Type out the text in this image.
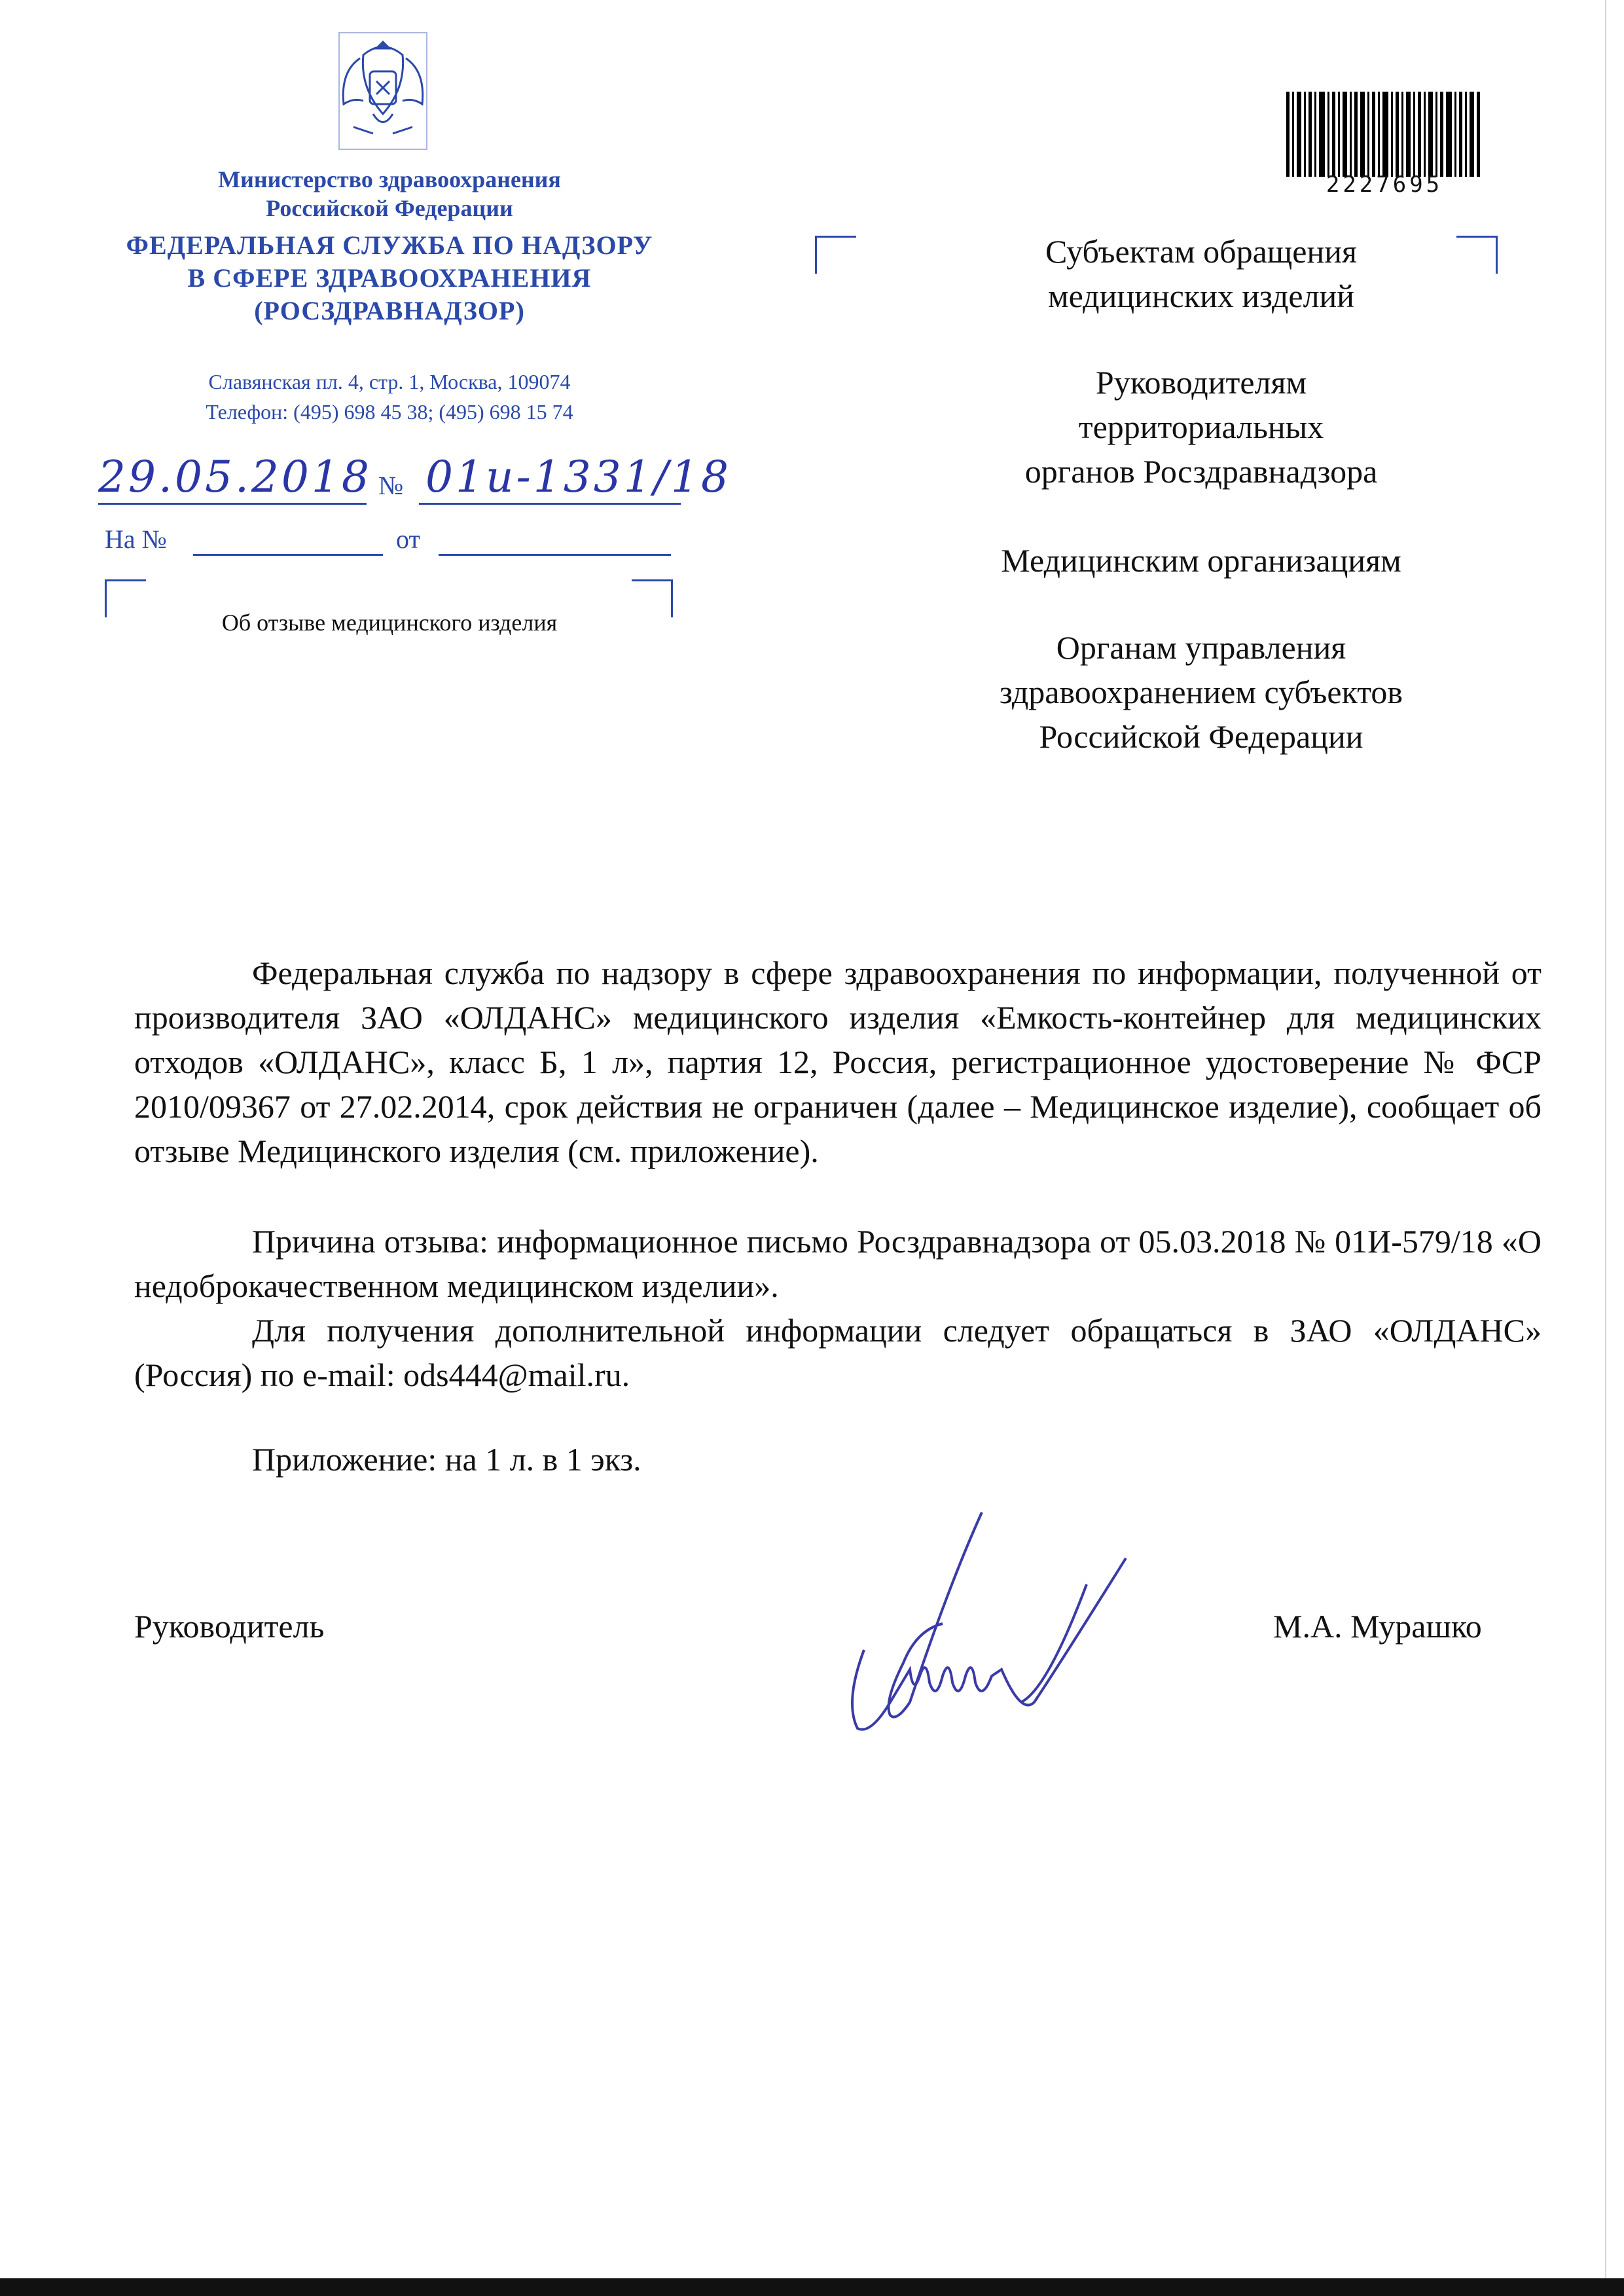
Министерство здравоохранения
Российской Федерации
ФЕДЕРАЛЬНАЯ СЛУЖБА ПО НАДЗОРУ
В СФЕРЕ ЗДРАВООХРАНЕНИЯ
(РОСЗДРАВНАДЗОР)
Славянская пл. 4, стр. 1, Москва, 109074
Телефон: (495) 698 45 38; (495) 698 15 74
29.05.2018 № 01и-1331/18
На №	от
Об отзыве медицинского изделия
2227695
Субъектам обращения
медицинских изделий
Руководителям
территориальных
органов Росздравнадзора
Медицинским организациям
Органам управления
здравоохранением субъектов
Российской Федерации
Федеральная служба по надзору в сфере здравоохранения по информации, полученной от производителя ЗАО «ОЛДАНС» медицинского изделия «Емкость-контейнер для медицинских отходов «ОЛДАНС», класс Б, 1 л», партия 12, Россия, регистрационное удостоверение № ФСР 2010/09367 от 27.02.2014, срок действия не ограничен (далее – Медицинское изделие), сообщает об отзыве Медицинского изделия (см. приложение).
Причина отзыва: информационное письмо Росздравнадзора от 05.03.2018 № 01И-579/18 «О недоброкачественном медицинском изделии».
Для получения дополнительной информации следует обращаться в ЗАО «ОЛДАНС» (Россия) по e-mail: ods444@mail.ru.
Приложение: на 1 л. в 1 экз.
Руководитель	М.А. Мурашко
